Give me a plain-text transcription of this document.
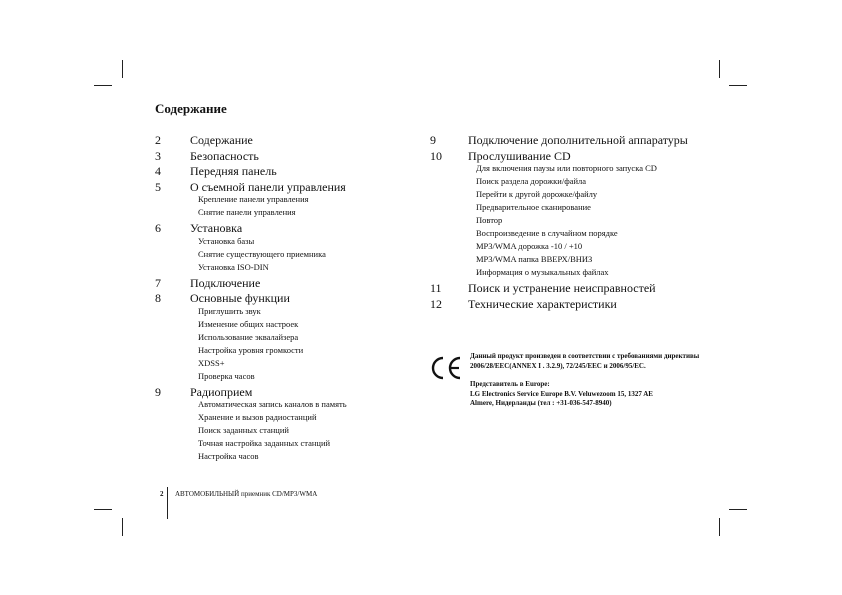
Содержание
2 Содержание
3 Безопасность
4 Передняя панель
5 О съемной панели управления
Крепление панели управления
Снятие панели управления
6 Установка
Установка базы
Снятие существующего приемника
Установка ISO-DIN
7 Подключение
8 Основные функции
Приглушить звук
Изменение общих настроек
Использование эквалайзера
Настройка уровня громкости
XDSS+
Проверка часов
9 Радиоприем
Автоматическая запись каналов в память
Хранение и вызов радиостанций
Поиск заданных станций
Точная настройка заданных станций
Настройка часов
9	Подключение дополнительной аппаратуры
10 Прослушивание CD
Для включения паузы или повторного запуска CD
Поиск раздела дорожки/файла
Перейти к другой дорожке/файлу
Предварительное сканирование
Повтор
Воспроизведение в случайном порядке
MP3/WMA дорожка -10 / +10
MP3/WMA папка ВВЕРХ/ВНИЗ
Информация о музыкальных файлах
11 Поиск и устранение неисправностей
12 Технические характеристики

Данный продукт произведен в соответствии с требованиями директивы 2006/28/EEC(ANNEX I . 3.2.9), 72/245/EEC и 2006/95/EC.

Представитель в Europe:

LG Electronics Service Europe B.V. Veluwezoom 15, 1327 AE

Almere, Нидерланды (тел : +31-036-547-8940)

2 АВТОМОБИЛЬНЫЙ приемник CD/MP3/WMA
